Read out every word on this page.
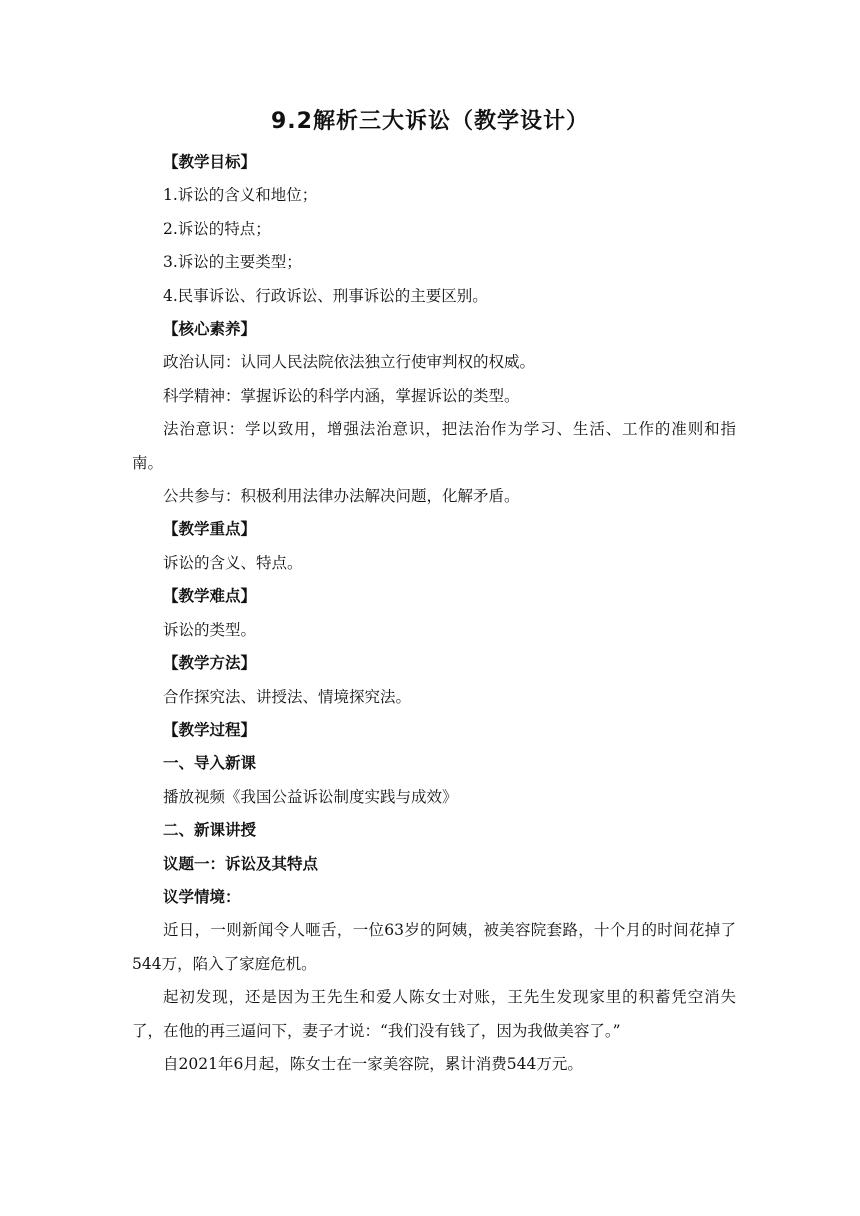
9.2解析三大诉讼（教学设计）
【教学目标】
1.诉讼的含义和地位；
2.诉讼的特点；
3.诉讼的主要类型；
4.民事诉讼、行政诉讼、刑事诉讼的主要区别。
【核心素养】
政治认同：认同人民法院依法独立行使审判权的权威。
科学精神：掌握诉讼的科学内涵，掌握诉讼的类型。
法治意识：学以致用，增强法治意识，把法治作为学习、生活、工作的准则和指南。
公共参与：积极利用法律办法解决问题，化解矛盾。
【教学重点】
诉讼的含义、特点。
【教学难点】
诉讼的类型。
【教学方法】
合作探究法、讲授法、情境探究法。
【教学过程】
一、导入新课
播放视频《我国公益诉讼制度实践与成效》
二、新课讲授
议题一：诉讼及其特点
议学情境：
近日，一则新闻令人咂舌，一位63岁的阿姨，被美容院套路，十个月的时间花掉了544万，陷入了家庭危机。
起初发现，还是因为王先生和爱人陈女士对账，王先生发现家里的积蓄凭空消失了，在他的再三逼问下，妻子才说：“我们没有钱了，因为我做美容了。”
自2021年6月起，陈女士在一家美容院，累计消费544万元。
